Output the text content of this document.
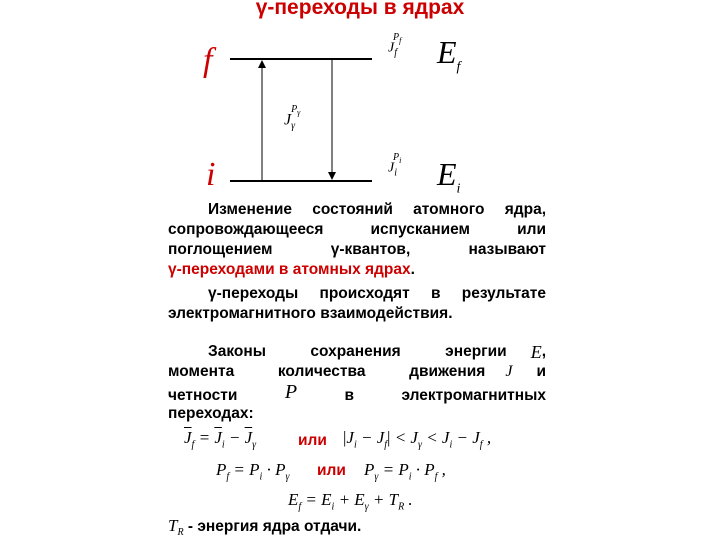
γ-переходы в ядрах
f
i
$J_f^{P_f}$ $E_f$
$J_\gamma^{P_\gamma}$
$J_i^{P_i}$ $E_i$
Изменение состояний атомного ядра,
сопровождающееся испусканием или
поглощением γ-квантов, называют
γ-переходами в атомных ядрах.
γ-переходы происходят в результате
электромагнитного взаимодействия.
Законы сохранения энергии E ,
момента количества движения J и
четности P	в	электромагнитных
переходах:
$\overline{J}_f = \overline{J}_i - \overline{J}_\gamma$	или $|J_i - J_f| < J_\gamma < J_i - J_f$ ,
$P_f = P_i \cdot P_\gamma$ или $P_\gamma = P_i \cdot P_f$ ,
$E_f = E_i + E_\gamma + T_R$ .
$T_R$ - энергия ядра отдачи.
